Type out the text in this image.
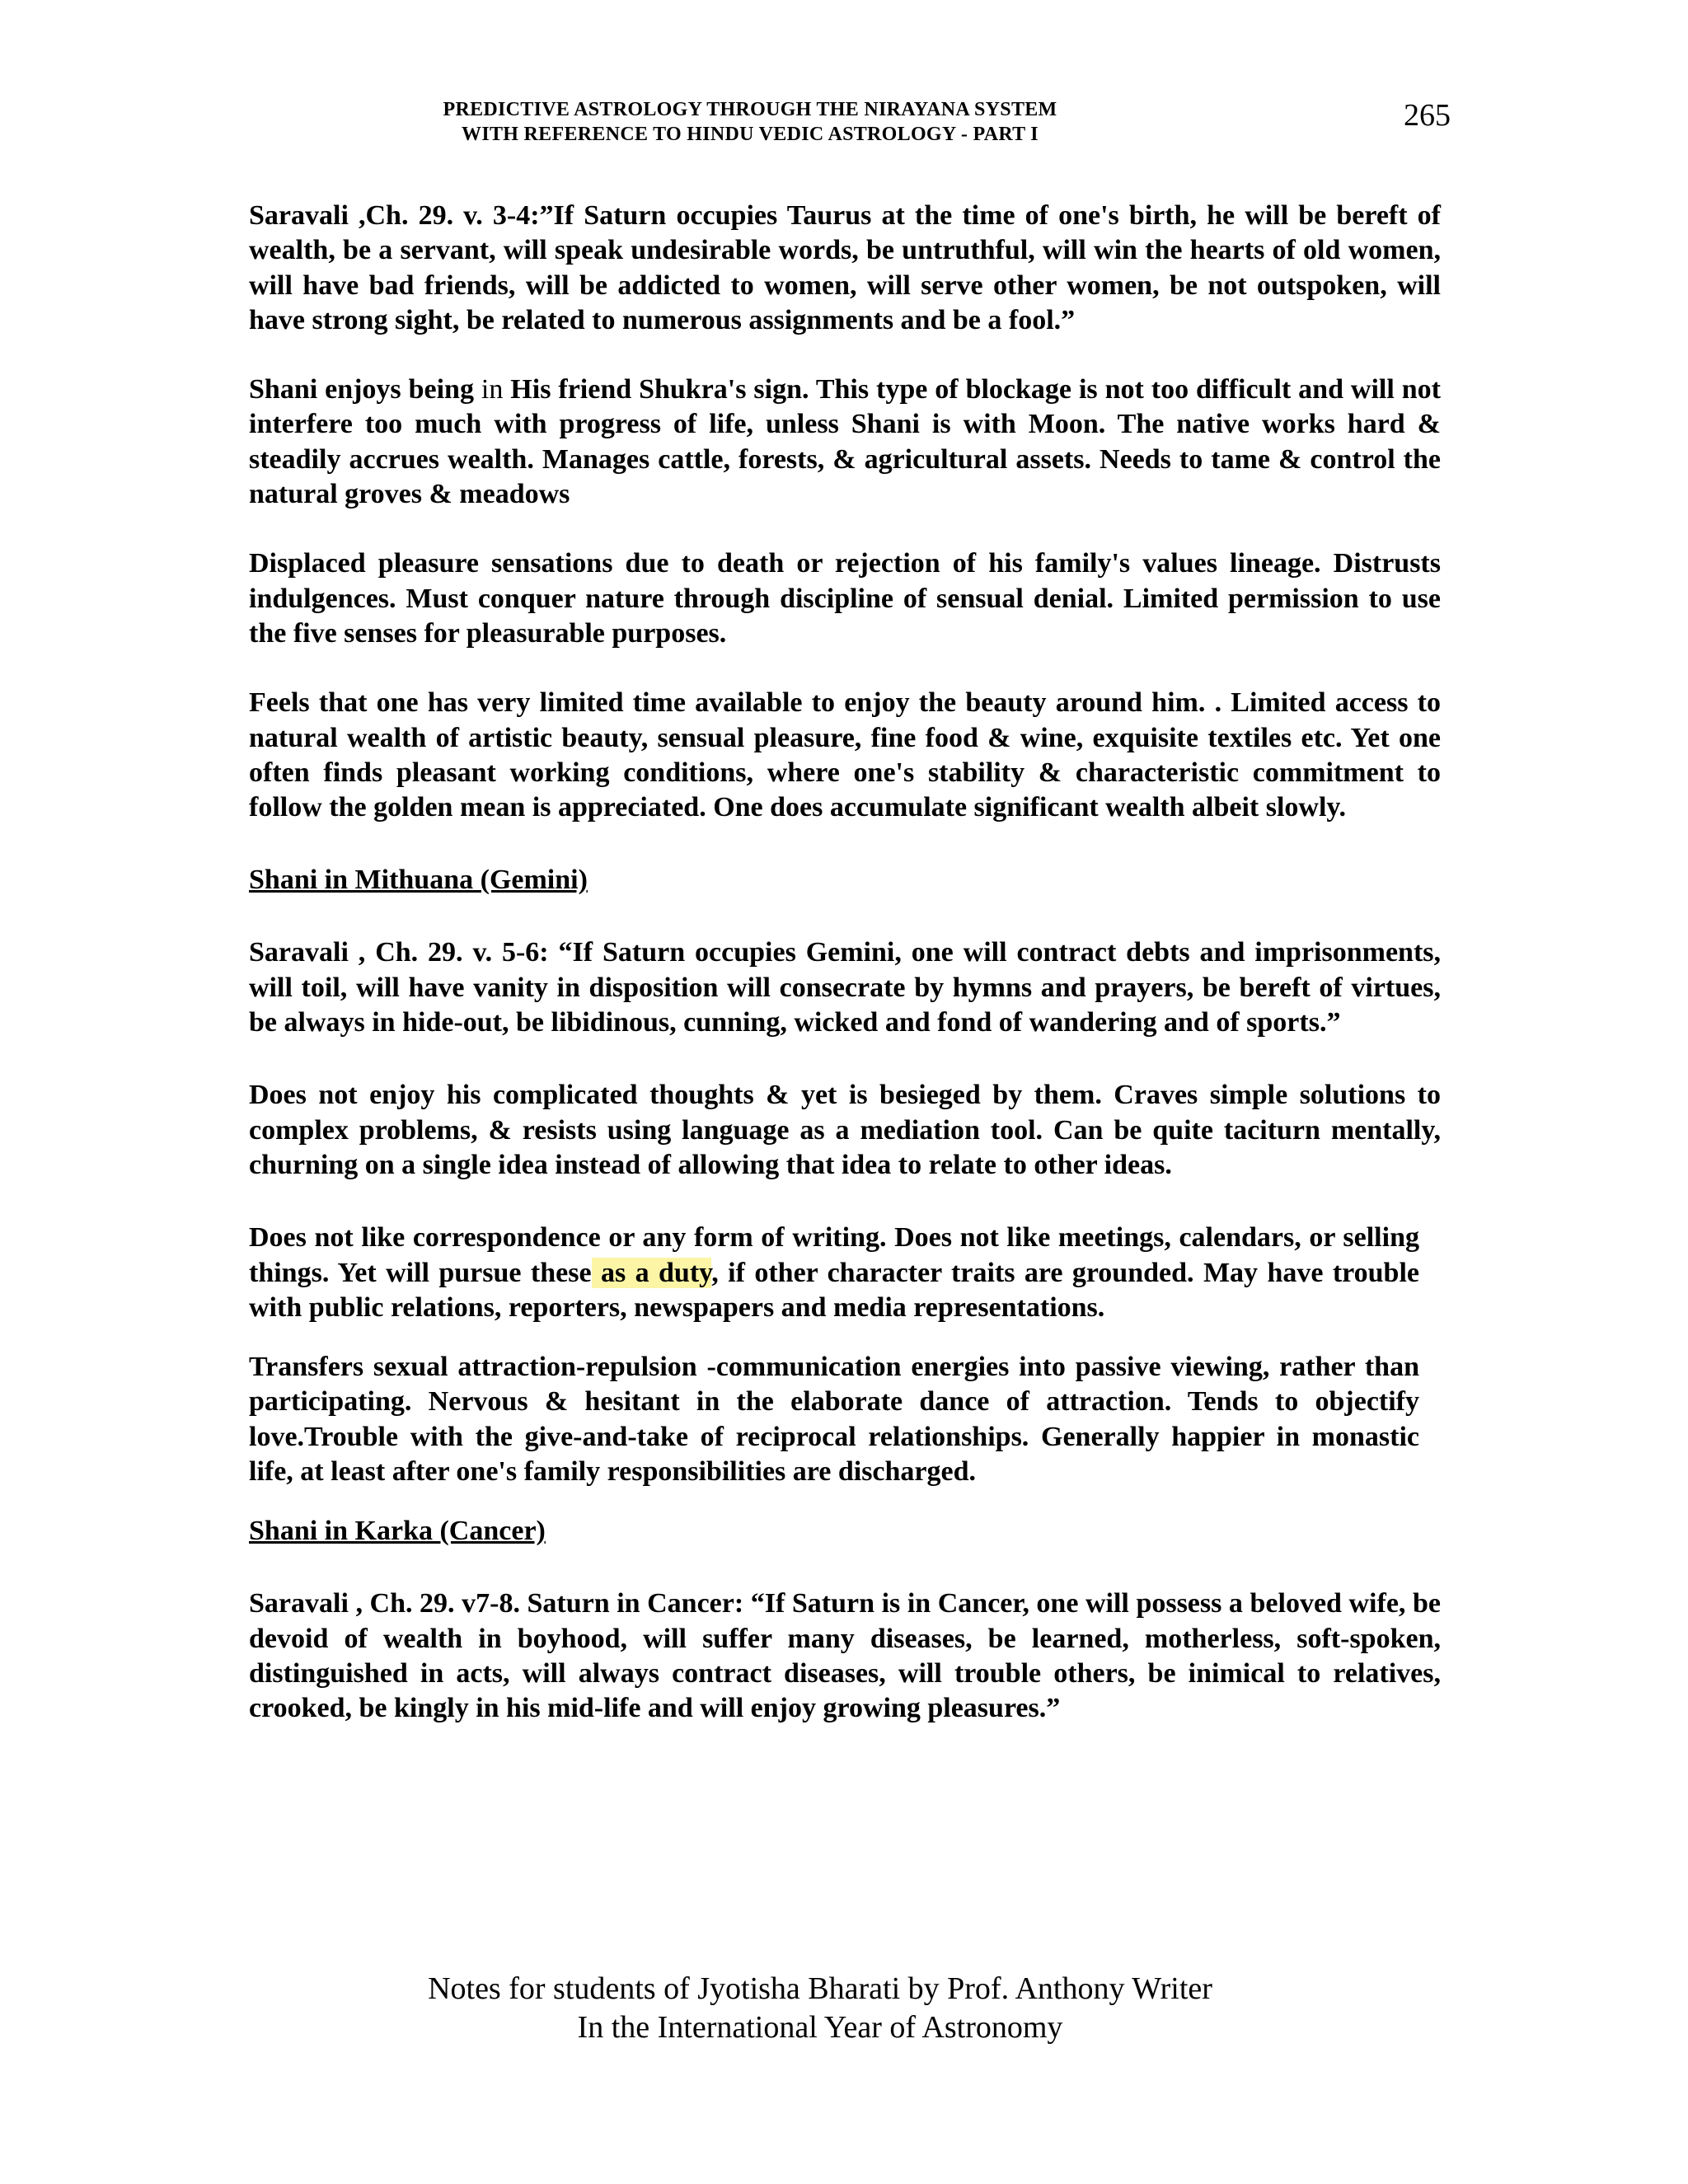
PREDICTIVE ASTROLOGY THROUGH THE NIRAYANA SYSTEM
WITH REFERENCE TO HINDU VEDIC ASTROLOGY - PART I
265

Saravali ,Ch. 29. v. 3-4:”If Saturn occupies Taurus at the time of one's birth, he will be bereft of wealth, be a servant, will speak undesirable words, be untruthful, will win the hearts of old women, will have bad friends, will be addicted to women, will serve other women, be not outspoken, will have strong sight, be related to numerous assignments and be a fool.”

Shani enjoys being in His friend Shukra's sign. This type of blockage is not too difficult and will not interfere too much with progress of life, unless Shani is with Moon. The native works hard & steadily accrues wealth. Manages cattle, forests, & agricultural assets. Needs to tame & control the natural groves & meadows

Displaced pleasure sensations due to death or rejection of his family's values lineage. Distrusts indulgences. Must conquer nature through discipline of sensual denial. Limited permission to use the five senses for pleasurable purposes.

Feels that one has very limited time available to enjoy the beauty around him. . Limited access to natural wealth of artistic beauty, sensual pleasure, fine food & wine, exquisite textiles etc. Yet one often finds pleasant working conditions, where one's stability & characteristic commitment to follow the golden mean is appreciated. One does accumulate significant wealth albeit slowly.

Shani in Mithuana (Gemini)

Saravali , Ch. 29. v. 5-6: “If Saturn occupies Gemini, one will contract debts and imprisonments, will toil, will have vanity in disposition will consecrate by hymns and prayers, be bereft of virtues, be always in hide-out, be libidinous, cunning, wicked and fond of wandering and of sports.”

Does not enjoy his complicated thoughts & yet is besieged by them. Craves simple solutions to complex problems, & resists using language as a mediation tool. Can be quite taciturn mentally, churning on a single idea instead of allowing that idea to relate to other ideas.

Does not like correspondence or any form of writing. Does not like meetings, calendars, or selling things. Yet will pursue these as a duty, if other character traits are grounded. May have trouble with public relations, reporters, newspapers and media representations.

Transfers sexual attraction-repulsion -communication energies into passive viewing, rather than participating. Nervous & hesitant in the elaborate dance of attraction. Tends to objectify love.Trouble with the give-and-take of reciprocal relationships. Generally happier in monastic life, at least after one's family responsibilities are discharged.

Shani in Karka (Cancer)

Saravali , Ch. 29. v7-8. Saturn in Cancer: “If Saturn is in Cancer, one will possess a beloved wife, be devoid of wealth in boyhood, will suffer many diseases, be learned, motherless, soft-spoken, distinguished in acts, will always contract diseases, will trouble others, be inimical to relatives, crooked, be kingly in his mid-life and will enjoy growing pleasures.”

Notes for students of Jyotisha Bharati by Prof. Anthony Writer
In the International Year of Astronomy
